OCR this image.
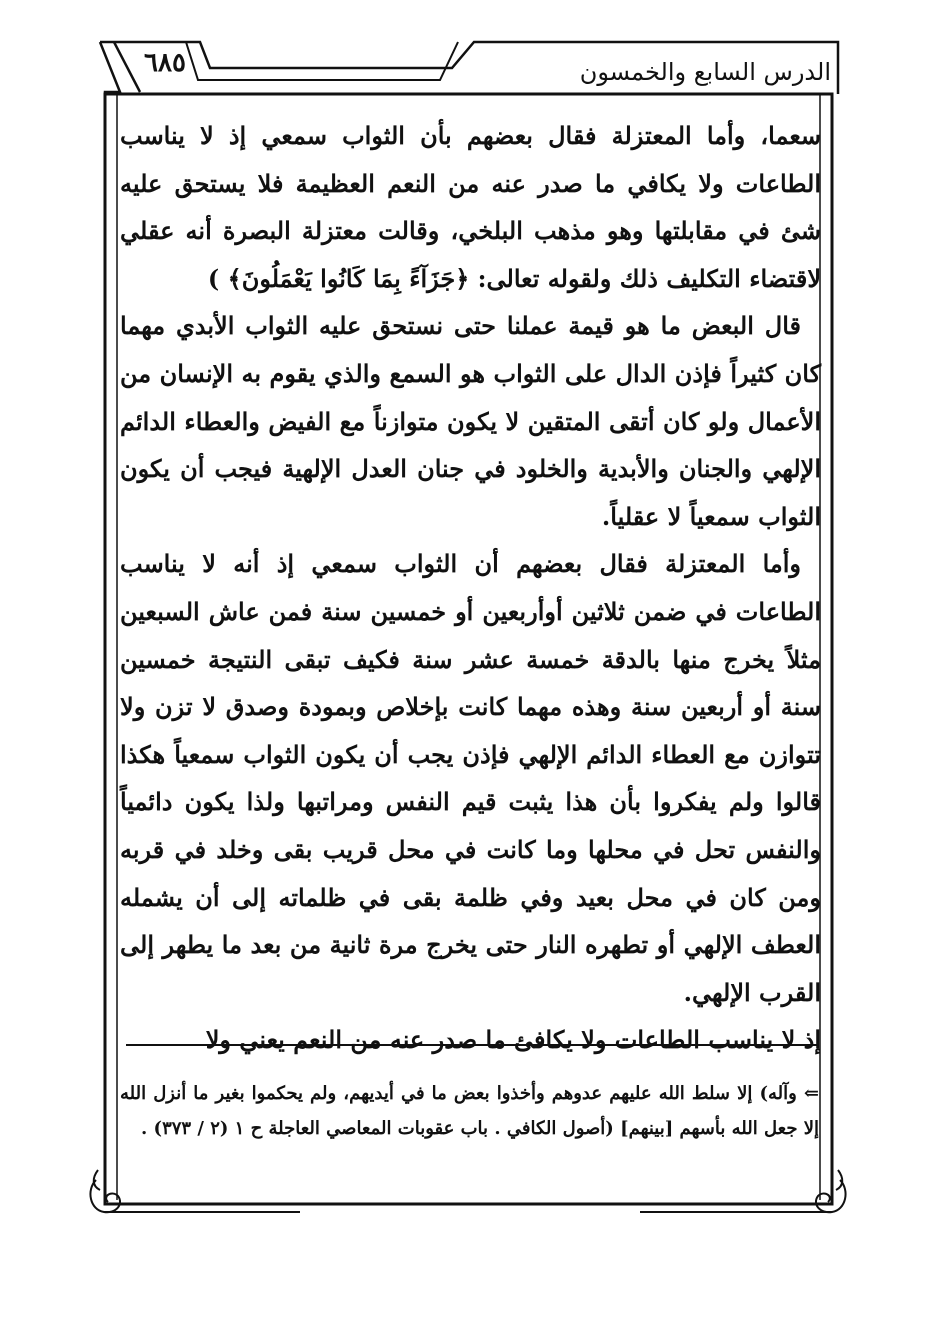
٦٨٥	الدرس السابع والخمسون

سعما، وأما المعتزلة فقال بعضهم بأن الثواب سمعي إذ لا يناسب الطاعات ولا يكافي ما صدر عنه من النعم العظيمة فلا يستحق عليه شئ في مقابلتها وهو مذهب البلخي، وقالت معتزلة البصرة أنه عقلي لاقتضاء التكليف ذلك ولقوله تعالى: ﴿جَزَآءً بِمَا كَانُوا يَعْمَلُونَ﴾ )

قال البعض ما هو قيمة عملنا حتى نستحق عليه الثواب الأبدي مهما كان كثيراً فإذن الدال على الثواب هو السمع والذي يقوم به الإنسان من الأعمال ولو كان أتقى المتقين لا يكون متوازناً مع الفيض والعطاء الدائم الإلهي والجنان والأبدية والخلود في جنان العدل الإلهية فيجب أن يكون الثواب سمعياً لا عقلياً.

وأما المعتزلة فقال بعضهم أن الثواب سمعي إذ أنه لا يناسب الطاعات في ضمن ثلاثين أوأربعين أو خمسين سنة فمن عاش السبعين مثلاً يخرج منها بالدقة خمسة عشر سنة فكيف تبقى النتيجة خمسين سنة أو أربعين سنة وهذه مهما كانت بإخلاص وبمودة وصدق لا تزن ولا تتوازن مع العطاء الدائم الإلهي فإذن يجب أن يكون الثواب سمعياً هكذا قالوا ولم يفكروا بأن هذا يثبت قيم النفس ومراتبها ولذا يكون دائمياً والنفس تحل في محلها وما كانت في محل قريب بقى وخلد في قربه ومن كان في محل بعيد وفي ظلمة بقى في ظلماته إلى أن يشمله العطف الإلهي أو تطهره النار حتى يخرج مرة ثانية من بعد ما يطهر إلى القرب الإلهي.

إذ لا يناسب الطاعات ولا يكافئ ما صدر عنه من النعم يعني ولا

⇐ وآله) إلا سلط الله عليهم عدوهم وأخذوا بعض ما في أيديهم، ولم يحكموا بغير ما أنزل الله إلا جعل الله بأسهم [بينهم] (أصول الكافي . باب عقوبات المعاصي العاجلة ح ١ (٢ / ٣٧٣) .
